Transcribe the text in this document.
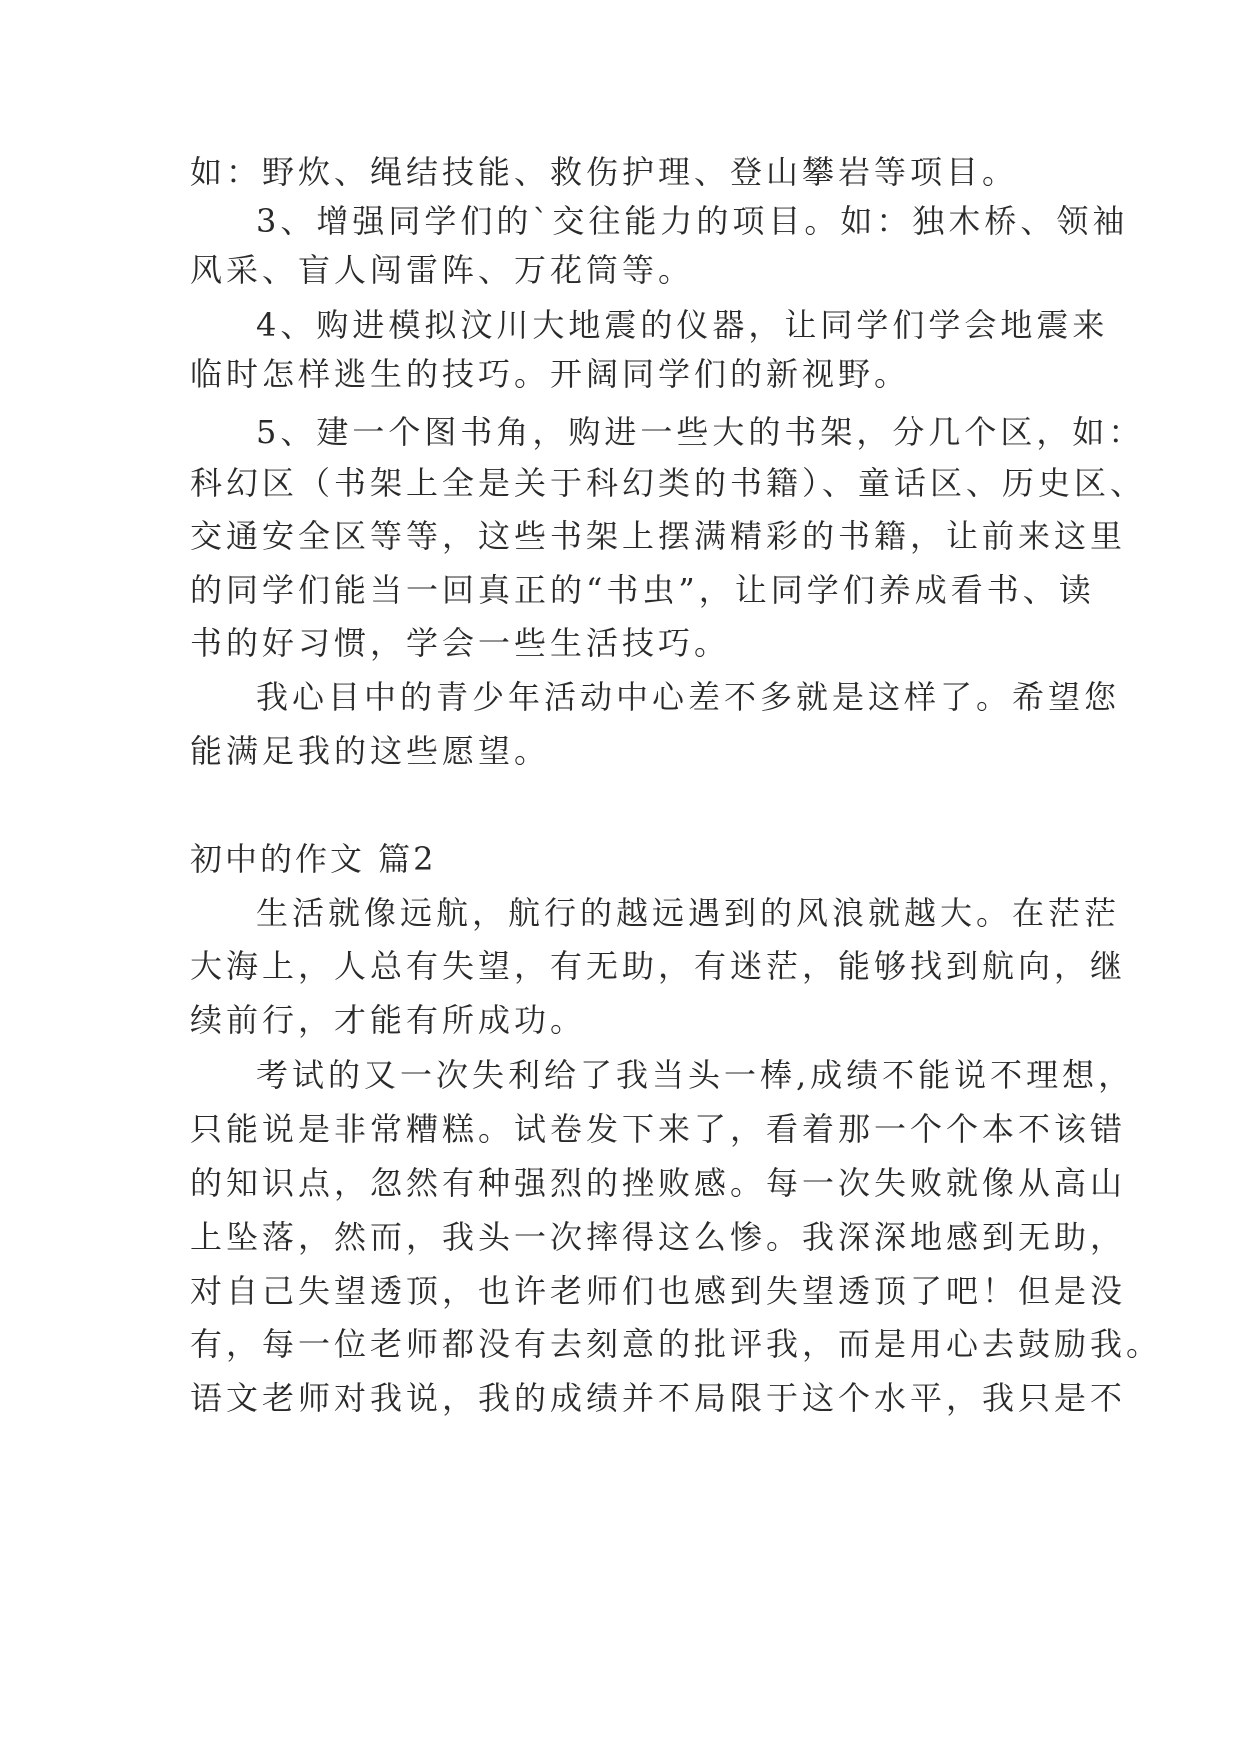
如：野炊、绳结技能、救伤护理、登山攀岩等项目。
3、增强同学们的`交往能力的项目。如：独木桥、领袖
风采、盲人闯雷阵、万花筒等。
4、购进模拟汶川大地震的仪器，让同学们学会地震来
临时怎样逃生的技巧。开阔同学们的新视野。
5、建一个图书角，购进一些大的书架，分几个区，如：
科幻区（书架上全是关于科幻类的书籍）、童话区、历史区、
交通安全区等等，这些书架上摆满精彩的书籍，让前来这里
的同学们能当一回真正的“书虫”，让同学们养成看书、读
书的好习惯，学会一些生活技巧。
我心目中的青少年活动中心差不多就是这样了。希望您
能满足我的这些愿望。
初中的作文 篇2
生活就像远航，航行的越远遇到的风浪就越大。在茫茫
大海上，人总有失望，有无助，有迷茫，能够找到航向，继
续前行，才能有所成功。
考试的又一次失利给了我当头一棒,成绩不能说不理想，
只能说是非常糟糕。试卷发下来了，看着那一个个本不该错
的知识点，忽然有种强烈的挫败感。每一次失败就像从高山
上坠落，然而，我头一次摔得这么惨。我深深地感到无助，
对自己失望透顶，也许老师们也感到失望透顶了吧！但是没
有，每一位老师都没有去刻意的批评我，而是用心去鼓励我。
语文老师对我说，我的成绩并不局限于这个水平，我只是不
